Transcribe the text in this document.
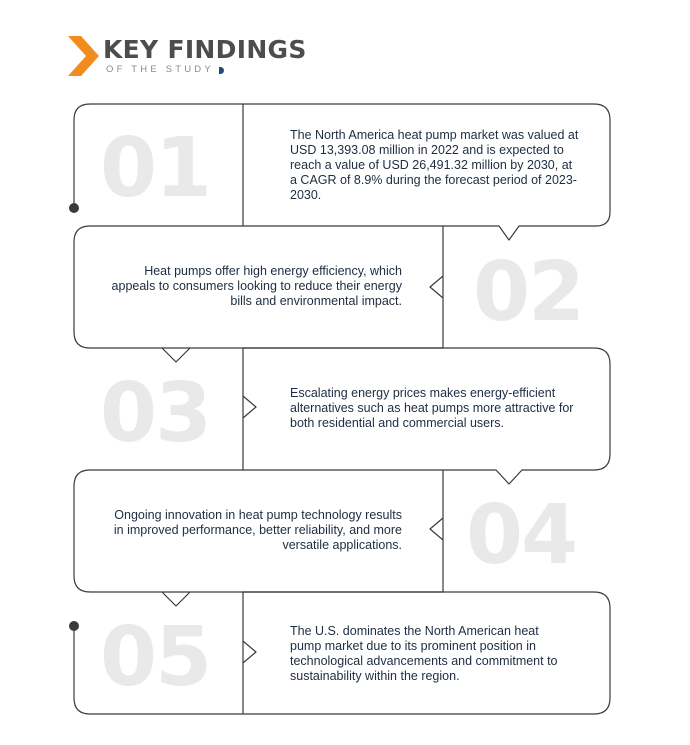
KEY FINDINGS
OF THE STUDY
01	The North America heat pump market was valued at USD 13,393.08 million in 2022 and is expected to reach a value of USD 26,491.32 million by 2030, at a CAGR of 8.9% during the forecast period of 2023-2030.
02
Heat pumps offer high energy efficiency, which appeals to consumers looking to reduce their energy bills and environmental impact.
03	Escalating energy prices makes energy-efficient alternatives such as heat pumps more attractive for both residential and commercial users.
04
Ongoing innovation in heat pump technology results in improved performance, better reliability, and more versatile applications.
05	The U.S. dominates the North American heat pump market due to its prominent position in technological advancements and commitment to sustainability within the region.
